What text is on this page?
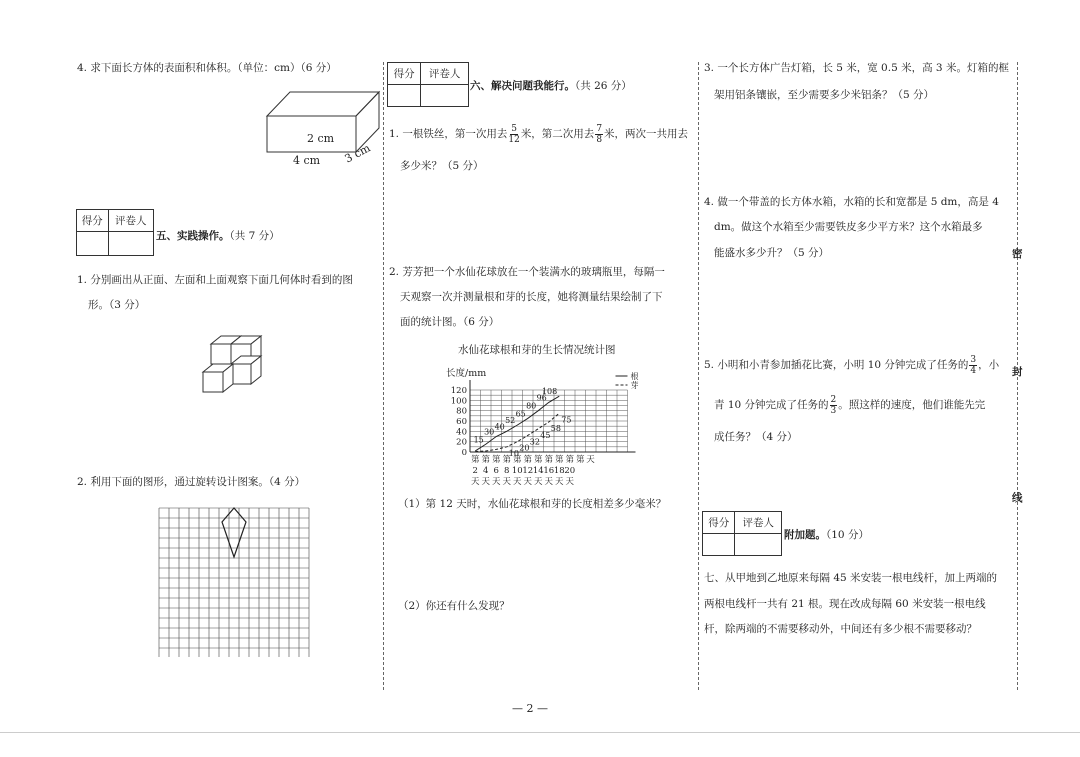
4. 求下面长方体的表面积和体积。（单位：cm）（6 分）
2 cm
4 cm 3 cm
得分	评卷人

五、实践操作。（共 7 分）
1. 分别画出从正面、左面和上面观察下面几何体时看到的图
形。（3 分）
2. 利用下面的图形，通过旋转设计图案。（4 分）
得分	评卷人

六、解决问题我能行。（共 26 分）
1. 一根铁丝，第一次用去 $\frac{5}{12}$ 米，第二次用去 $\frac{7}{8}$ 米，两次一共用去
多少米？（5 分）
2. 芳芳把一个水仙花球放在一个装满水的玻璃瓶里，每隔一
天观察一次并测量根和芽的长度，她将测量结果绘制了下
面的统计图。（6 分）
水仙花球根和芽的生长情况统计图
长度/mm
0
20
40
60
80
100
120
第
2
天
第
4
天
第
6
天
第
8
天
第
10
天
第
12
天
第
14
天
第
16
天
第
18
天
第
20
天
第 天
15
30
40
52
65
80
96
108
10
20
32
45
58
75
根
芽
（1）第 12 天时，水仙花球根和芽的长度相差多少毫米？
（2）你还有什么发现？
3. 一个长方体广告灯箱，长 5 米，宽 0.5 米，高 3 米。灯箱的框
架用铝条镶嵌，至少需要多少米铝条？（5 分）
4. 做一个带盖的长方体水箱，水箱的长和宽都是 5 dm，高是 4
dm。做这个水箱至少需要铁皮多少平方米？这个水箱最多
能盛水多少升？（5 分）
5. 小明和小青参加插花比赛，小明 10 分钟完成了任务的 $\frac{3}{4}$ ，小
青 10 分钟完成了任务的 $\frac{2}{3}$ 。照这样的速度，他们谁能先完
成任务？（4 分）
得分	评卷人

附加题。（10 分）
七、从甲地到乙地原来每隔 45 米安装一根电线杆，加上两端的
两根电线杆一共有 21 根。现在改成每隔 60 米安装一根电线
杆，除两端的不需要移动外，中间还有多少根不需要移动？
密
封
线
— 2 —
